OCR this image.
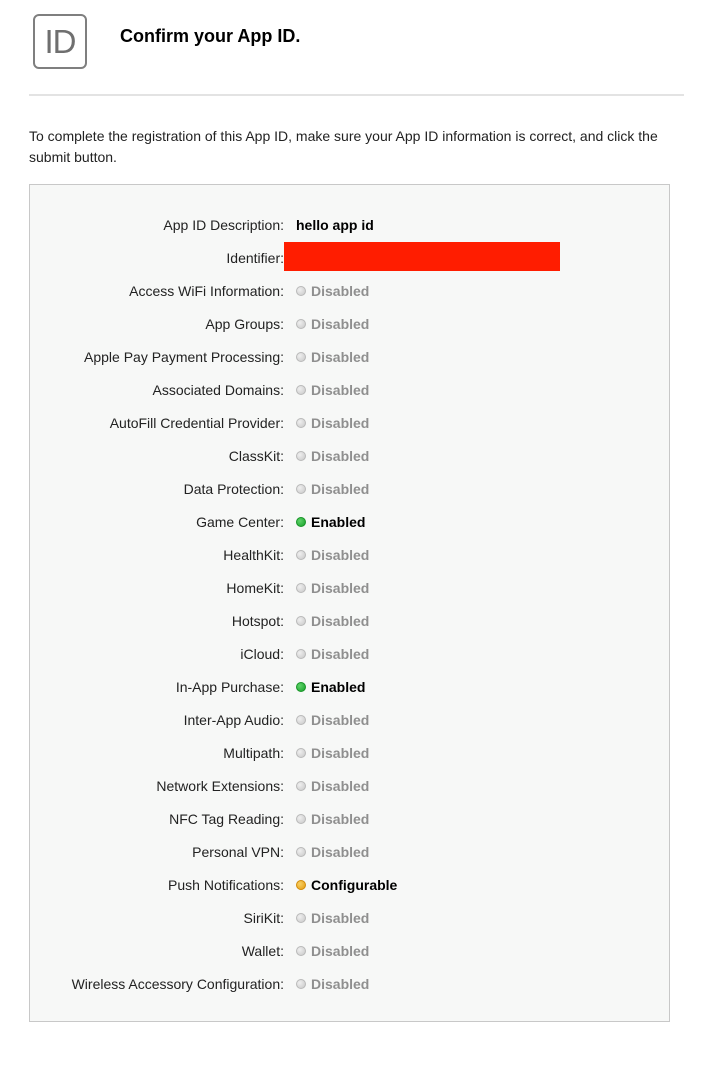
ID Confirm your App ID.

To complete the registration of this App ID, make sure your App ID information is correct, and click the submit button.

App ID Description: hello app id
Identifier:
Access WiFi Information: Disabled
App Groups: Disabled
Apple Pay Payment Processing: Disabled
Associated Domains: Disabled
AutoFill Credential Provider: Disabled
ClassKit: Disabled
Data Protection: Disabled
Game Center: Enabled
HealthKit: Disabled
HomeKit: Disabled
Hotspot: Disabled
iCloud: Disabled
In-App Purchase: Enabled
Inter-App Audio: Disabled
Multipath: Disabled
Network Extensions: Disabled
NFC Tag Reading: Disabled
Personal VPN: Disabled
Push Notifications: Configurable
SiriKit: Disabled
Wallet: Disabled
Wireless Accessory Configuration: Disabled
